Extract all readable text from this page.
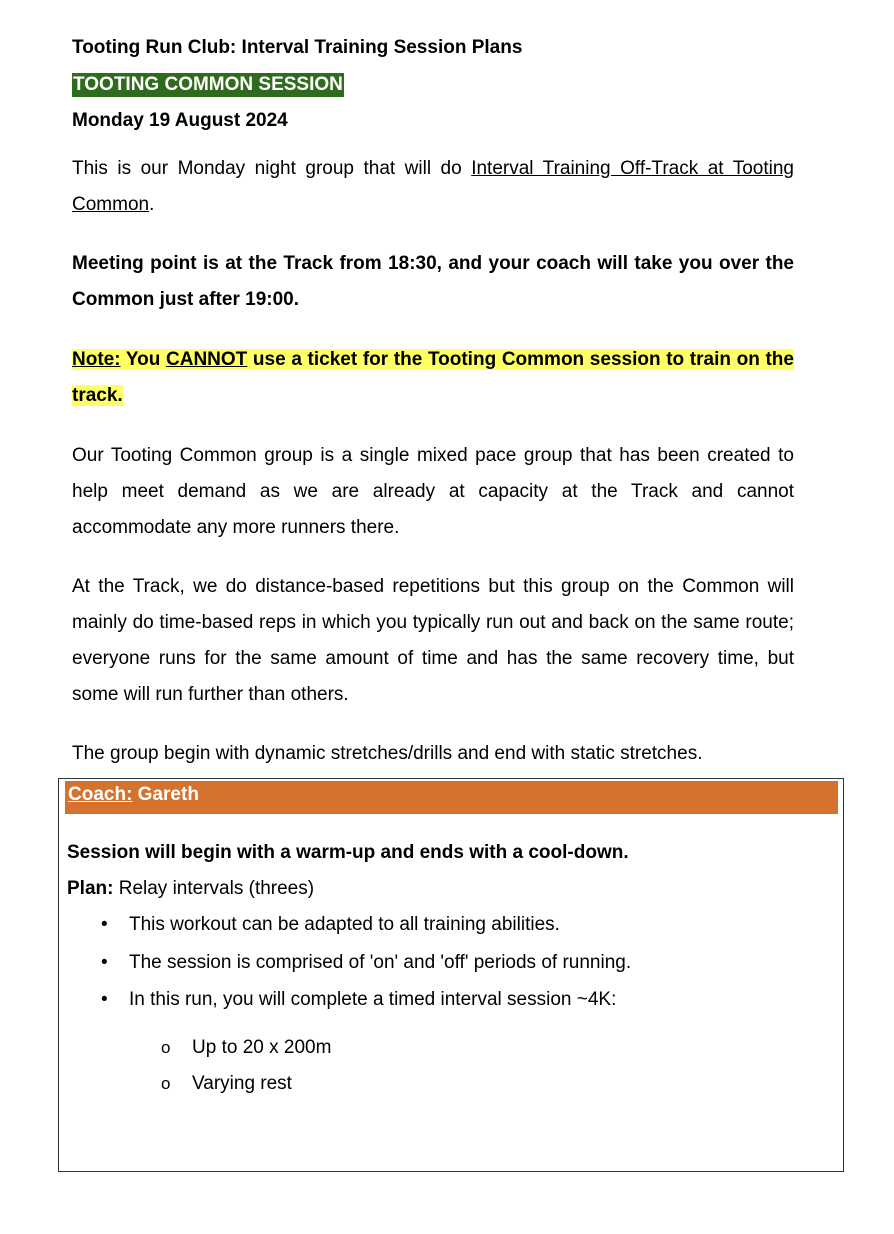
Tooting Run Club: Interval Training Session Plans
TOOTING COMMON SESSION
Monday 19 August 2024
This is our Monday night group that will do Interval Training Off-Track at Tooting Common.
Meeting point is at the Track from 18:30, and your coach will take you over the Common just after 19:00.
Note: You CANNOT use a ticket for the Tooting Common session to train on the track.
Our Tooting Common group is a single mixed pace group that has been created to help meet demand as we are already at capacity at the Track and cannot accommodate any more runners there.
At the Track, we do distance-based repetitions but this group on the Common will mainly do time-based reps in which you typically run out and back on the same route; everyone runs for the same amount of time and has the same recovery time, but some will run further than others.
The group begin with dynamic stretches/drills and end with static stretches.
Coach: Gareth
Session will begin with a warm-up and ends with a cool-down.
Plan: Relay intervals (threes)
• This workout can be adapted to all training abilities.
• The session is comprised of 'on' and 'off' periods of running.
• In this run, you will complete a timed interval session ~4K:
o Up to 20 x 200m
o Varying rest
